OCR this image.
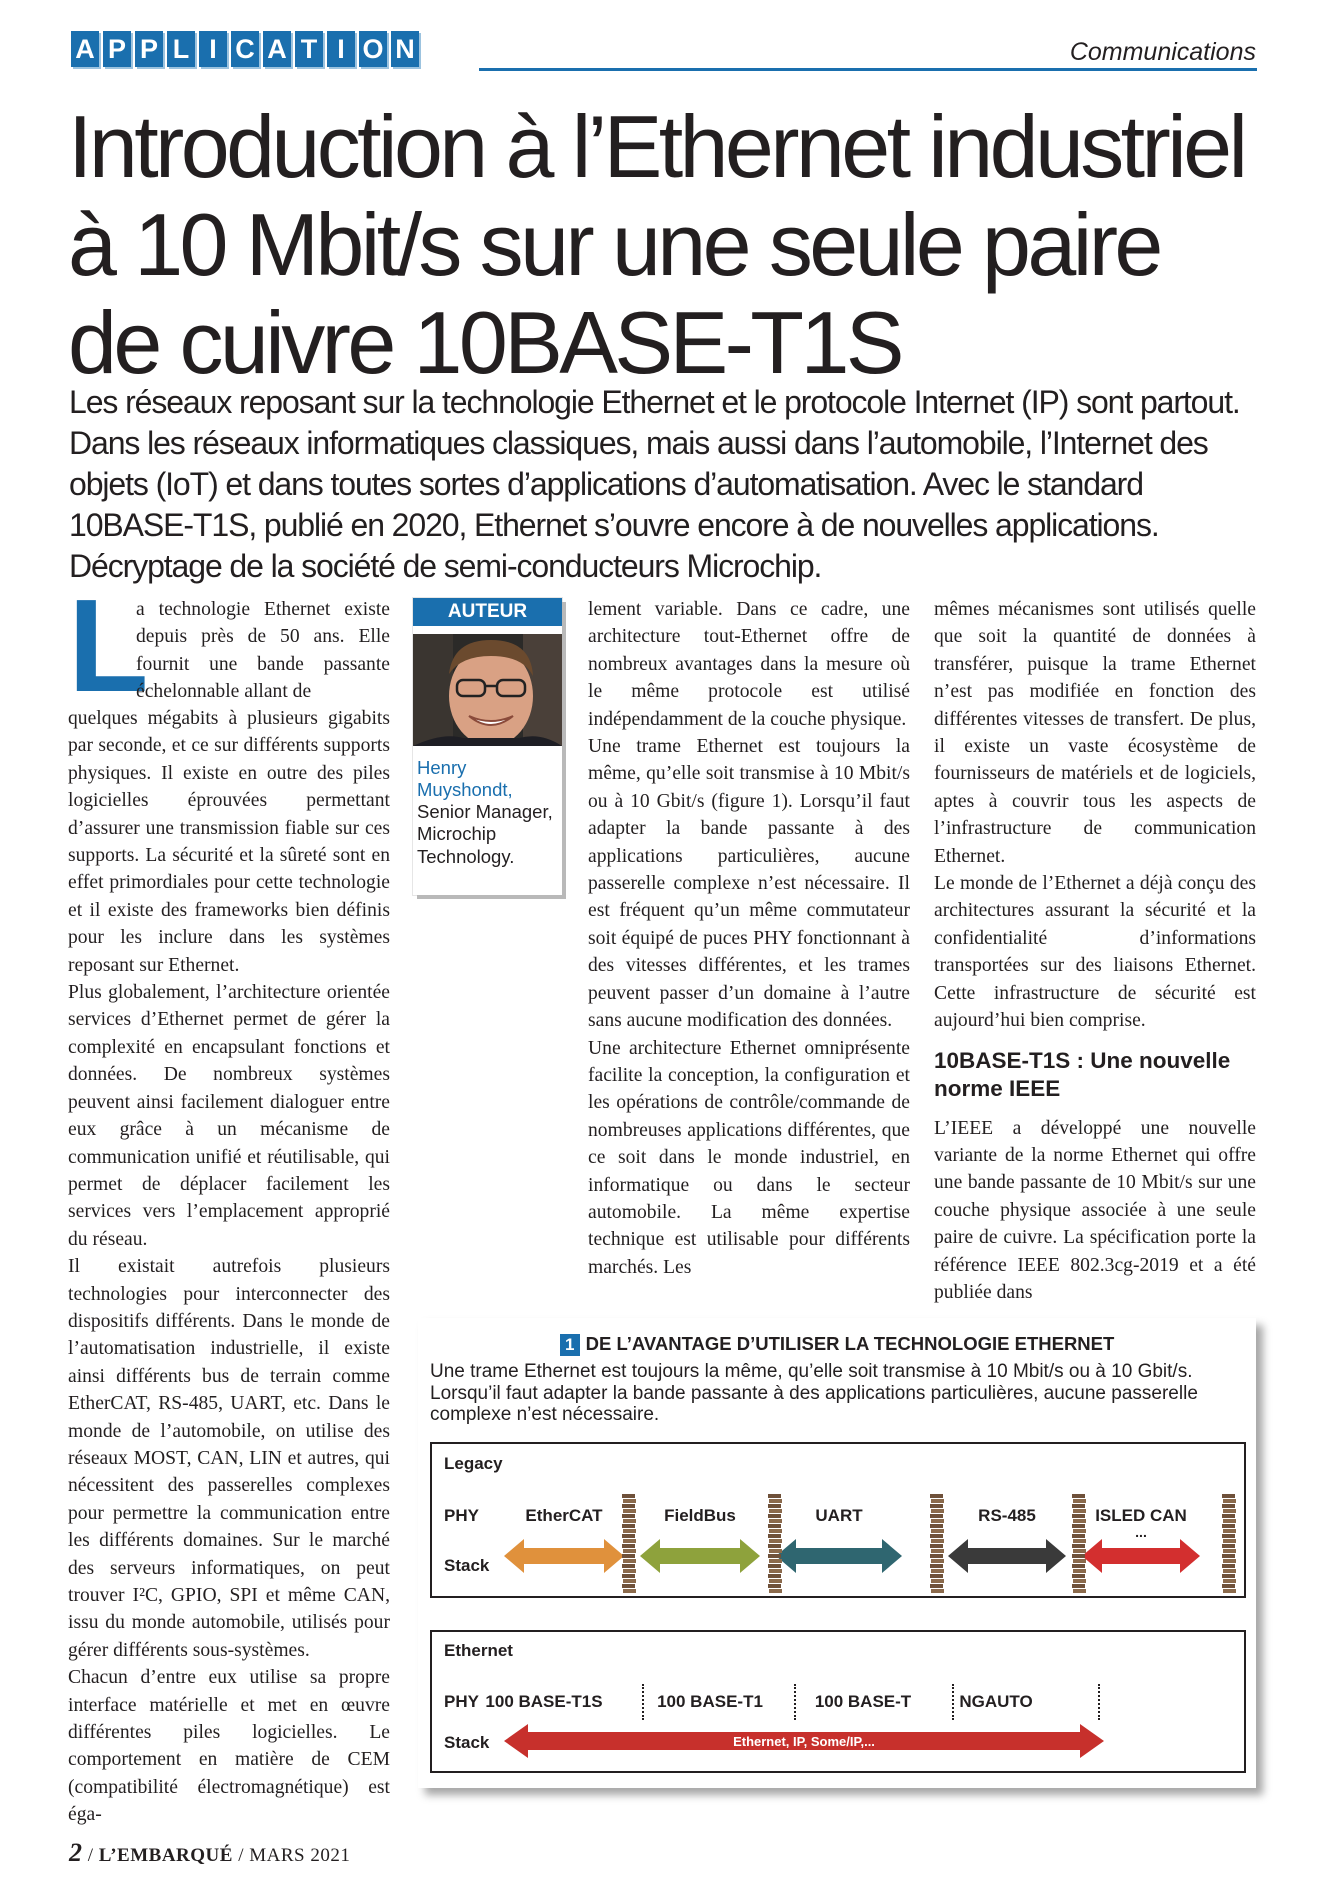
A P P L I C A T I O N	Communications
Introduction à l’Ethernet industriel à 10 Mbit/s sur une seule paire de cuivre 10BASE-T1S

Les réseaux reposant sur la technologie Ethernet et le protocole Internet (IP) sont partout. Dans les réseaux informatiques classiques, mais aussi dans l’automobile, l’Internet des objets (IoT) et dans toutes sortes d’applications d’automatisation. Avec le standard 10BASE-T1S, publié en 2020, Ethernet s’ouvre encore à de nouvelles applications. Décryptage de la société de semi-conducteurs Microchip.

L

a technologie Ethernet existe depuis près de 50 ans. Elle fournit une bande passante échelonnable allant de

quelques mégabits à plusieurs gigabits par seconde, et ce sur différents supports physiques. Il existe en outre des piles logicielles éprouvées permettant d’assurer une transmission fiable sur ces supports. La sécurité et la sûreté sont en effet primordiales pour cette technologie et il existe des frameworks bien définis pour les inclure dans les systèmes reposant sur Ethernet.

Plus globalement, l’architecture orientée services d’Ethernet permet de gérer la complexité en encapsulant fonctions et données. De nombreux systèmes peuvent ainsi facilement dialoguer entre eux grâce à un mécanisme de communication unifié et réutilisable, qui permet de déplacer facilement les services vers l’emplacement approprié du réseau.

Il existait autrefois plusieurs technologies pour interconnecter des dispositifs différents. Dans le monde de l’automatisation industrielle, il existe ainsi différents bus de terrain comme EtherCAT, RS-485, UART, etc. Dans le monde de l’automobile, on utilise des réseaux MOST, CAN, LIN et autres, qui nécessitent des passerelles complexes pour permettre la communication entre les différents domaines. Sur le marché des serveurs informatiques, on peut trouver I²C, GPIO, SPI et même CAN, issu du monde automobile, utilisés pour gérer différents sous-systèmes.

Chacun d’entre eux utilise sa propre interface matérielle et met en œuvre différentes piles logicielles. Le comportement en matière de CEM (compatibilité électromagnétique) est éga-

AUTEUR
Henry Muyshondt,
Senior Manager, Microchip Technology.

lement variable. Dans ce cadre, une architecture tout-Ethernet offre de nombreux avantages dans la mesure où le même protocole est utilisé indépendamment de la couche physique.

Une trame Ethernet est toujours la même, qu’elle soit transmise à 10 Mbit/s ou à 10 Gbit/s (figure 1). Lorsqu’il faut adapter la bande passante à des applications particulières, aucune passerelle complexe n’est nécessaire. Il est fréquent qu’un même commutateur soit équipé de puces PHY fonctionnant à des vitesses différentes, et les trames peuvent passer d’un domaine à l’autre sans aucune modification des données.

Une architecture Ethernet omniprésente facilite la conception, la configuration et les opérations de contrôle/commande de nombreuses applications différentes, que ce soit dans le monde industriel, en informatique ou dans le secteur automobile. La même expertise technique est utilisable pour différents marchés. Les

mêmes mécanismes sont utilisés quelle que soit la quantité de données à transférer, puisque la trame Ethernet n’est pas modifiée en fonction des différentes vitesses de transfert. De plus, il existe un vaste écosystème de fournisseurs de matériels et de logiciels, aptes à couvrir tous les aspects de l’infrastructure de communication Ethernet.

Le monde de l’Ethernet a déjà conçu des architectures assurant la sécurité et la confidentialité d’informations transportées sur des liaisons Ethernet. Cette infrastructure de sécurité est aujourd’hui bien comprise.

10BASE-T1S : Une nouvelle norme IEEE

L’IEEE a développé une nouvelle variante de la norme Ethernet qui offre une bande passante de 10 Mbit/s sur une couche physique associée à une seule paire de cuivre. La spécification porte la référence IEEE 802.3cg-2019 et a été publiée dans

1 DE L’AVANTAGE D’UTILISER LA TECHNOLOGIE ETHERNET
Une trame Ethernet est toujours la même, qu’elle soit transmise à 10 Mbit/s ou à 10 Gbit/s. Lorsqu’il faut adapter la bande passante à des applications particulières, aucune passerelle complexe n’est nécessaire.
Legacy
PHY
Stack
EtherCAT	FieldBus	UART	RS-485	ISLED CAN
...
Ethernet
PHY
Stack
100 BASE-T1S	100 BASE-T1	100 BASE-T	NGAUTO
Ethernet, IP, Some/IP,...
2 / L’EMBARQUÉ / MARS 2021
